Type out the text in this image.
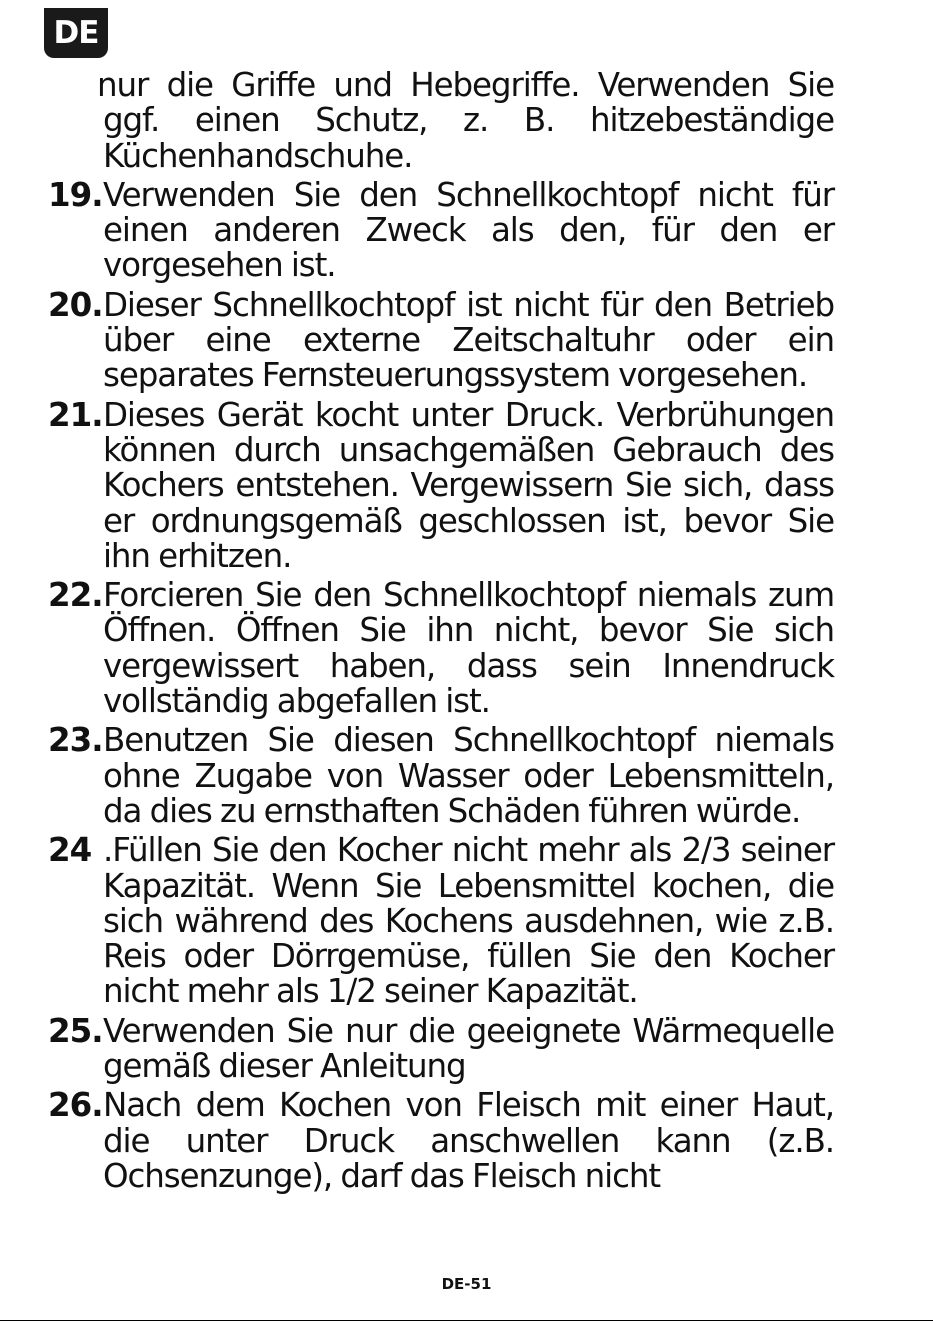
DE

nur die Griffe und Hebegriffe. Verwenden Sie ggf. einen Schutz, z. B. hitzebeständige Küchenhandschuhe.

19. Verwenden Sie den Schnellkochtopf nicht für einen anderen Zweck als den, für den er vorgesehen ist.
20. Dieser Schnellkochtopf ist nicht für den Betrieb über eine externe Zeitschaltuhr oder ein separates Fernsteuerungssystem vorgesehen.
21. Dieses Gerät kocht unter Druck. Verbrühungen können durch unsachgemäßen Gebrauch des Kochers entstehen. Vergewissern Sie sich, dass er ordnungsgemäß geschlossen ist, bevor Sie ihn erhitzen.
22. Forcieren Sie den Schnellkochtopf niemals zum Öffnen. Öffnen Sie ihn nicht, bevor Sie sich vergewissert haben, dass sein Innendruck vollständig abgefallen ist.
23. Benutzen Sie diesen Schnellkochtopf niemals ohne Zugabe von Wasser oder Lebensmitteln, da dies zu ernsthaften Schäden führen würde.
24 .Füllen Sie den Kocher nicht mehr als 2/3 seiner Kapazität. Wenn Sie Lebensmittel kochen, die sich während des Kochens ausdehnen, wie z.B. Reis oder Dörrgemüse, füllen Sie den Kocher nicht mehr als 1/2 seiner Kapazität.
25. Verwenden Sie nur die geeignete Wärmequelle gemäß dieser Anleitung
26. Nach dem Kochen von Fleisch mit einer Haut, die unter Druck anschwellen kann (z.B. Ochsenzunge), darf das Fleisch nicht
DE-51
